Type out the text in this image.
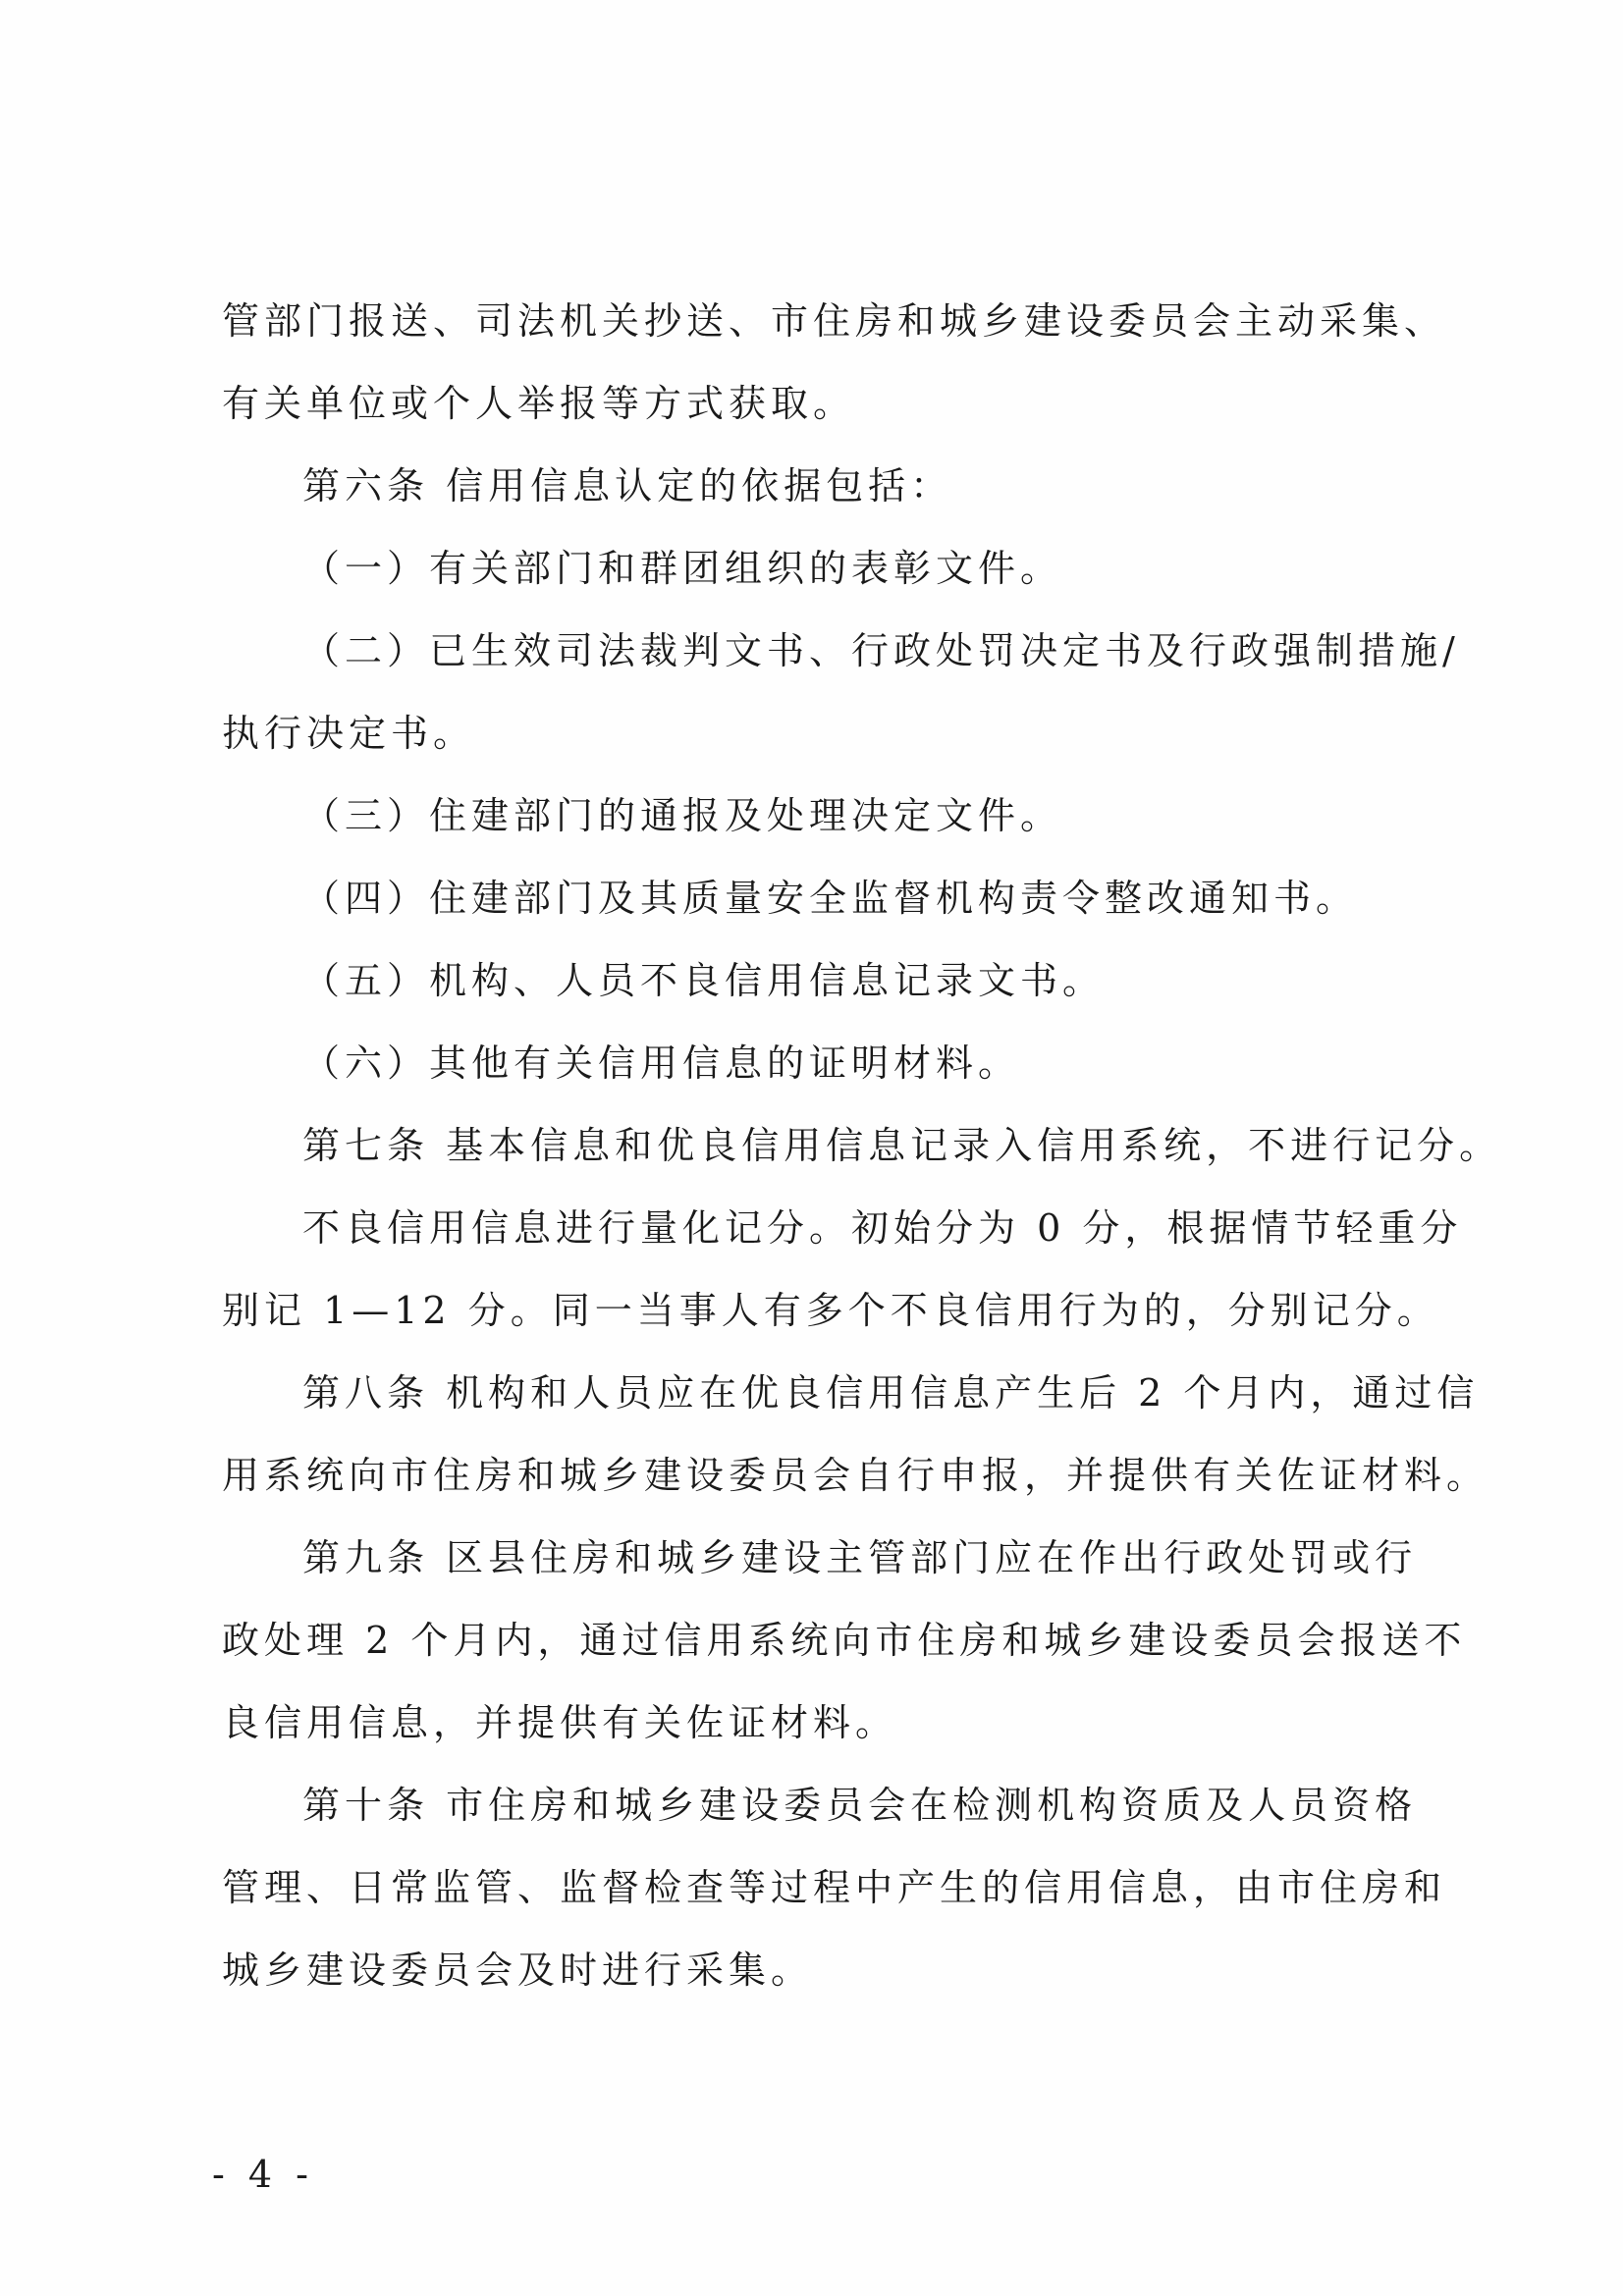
管部门报送、司法机关抄送、市住房和城乡建设委员会主动采集、
有关单位或个人举报等方式获取。
第六条 信用信息认定的依据包括：
（一）有关部门和群团组织的表彰文件。
（二）已生效司法裁判文书、行政处罚决定书及行政强制措施/
执行决定书。
（三）住建部门的通报及处理决定文件。
（四）住建部门及其质量安全监督机构责令整改通知书。
（五）机构、人员不良信用信息记录文书。
（六）其他有关信用信息的证明材料。
第七条 基本信息和优良信用信息记录入信用系统，不进行记分。
不良信用信息进行量化记分。初始分为 0 分，根据情节轻重分
别记 1—12 分。同一当事人有多个不良信用行为的，分别记分。
第八条 机构和人员应在优良信用信息产生后 2 个月内，通过信
用系统向市住房和城乡建设委员会自行申报，并提供有关佐证材料。
第九条 区县住房和城乡建设主管部门应在作出行政处罚或行
政处理 2 个月内，通过信用系统向市住房和城乡建设委员会报送不
良信用信息，并提供有关佐证材料。
第十条 市住房和城乡建设委员会在检测机构资质及人员资格
管理、日常监管、监督检查等过程中产生的信用信息，由市住房和
城乡建设委员会及时进行采集。
- 4 -
